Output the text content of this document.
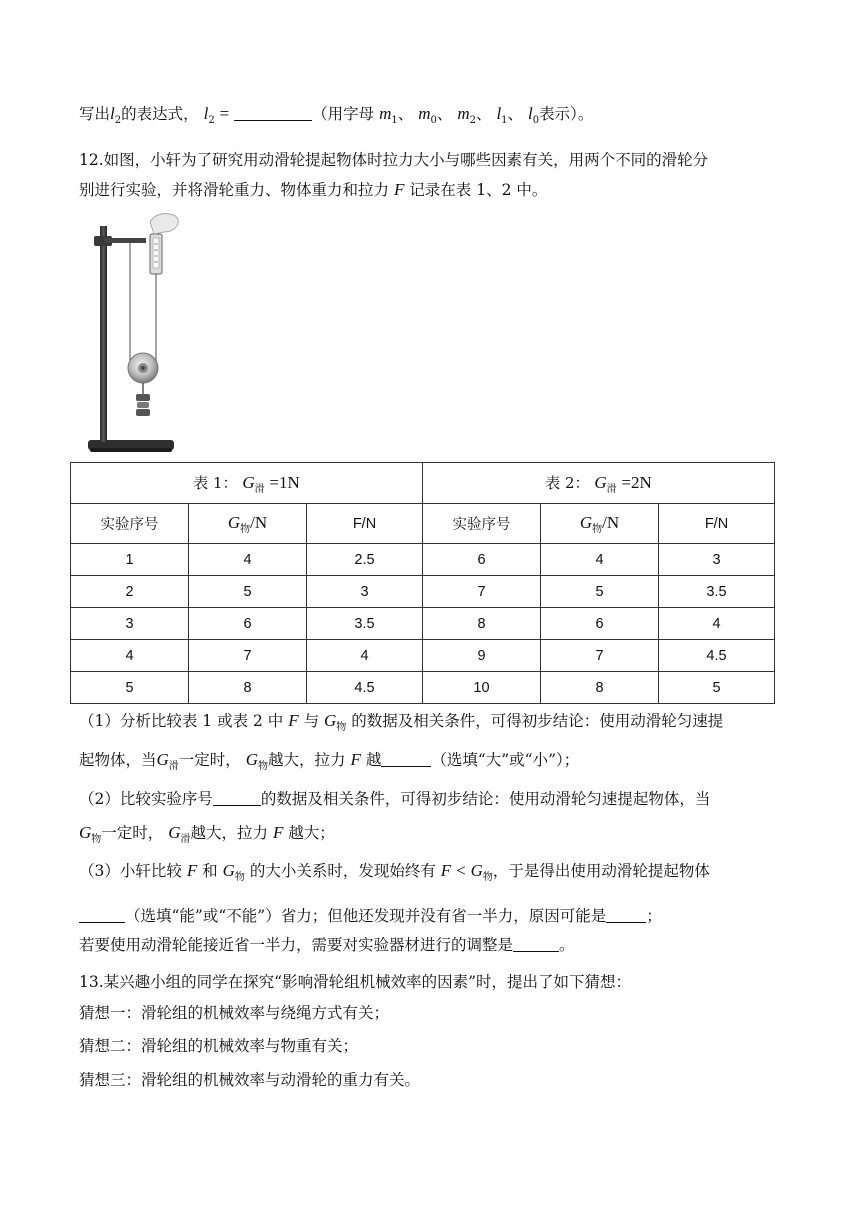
写出$l_2$的表达式， $l_2$ =	（用字母 $m_1$、 $m_0$、 $m_2$、 $l_1$、 $l_0$表示）。
12.如图，小轩为了研究用动滑轮提起物体时拉力大小与哪些因素有关，用两个不同的滑轮分
别进行实验，并将滑轮重力、物体重力和拉力 F 记录在表 1、2 中。
表 1： $G_滑 =1N$			表 2： $G_滑 =2N$		
实验序号	$G_物/N$	F/N	实验序号	$G_物/N$	F/N
1	4	2.5	6	4	3
2	5	3	7	5	3.5
3	6	3.5	8	6	4
4	7	4	9	7	4.5
5	8	4.5	10	8	5
（1）分析比较表 1 或表 2 中 F 与 $G_物$ 的数据及相关条件，可得初步结论：使用动滑轮匀速提
起物体，当$G_滑$一定时， $G_物$越大，拉力 F 越	（选填“大”或“小”）；
（2）比较实验序号	的数据及相关条件，可得初步结论：使用动滑轮匀速提起物体，当
$G_物$一定时， $G_滑$越大，拉力 F 越大；
（3）小轩比较 F 和 $G_物$ 的大小关系时，发现始终有 $F < G_物$，于是得出使用动滑轮提起物体
（选填“能”或“不能”）省力；但他还发现并没有省一半力，原因可能是	；
若要使用动滑轮能接近省一半力，需要对实验器材进行的调整是	。
13.某兴趣小组的同学在探究“影响滑轮组机械效率的因素”时，提出了如下猜想：
猜想一：滑轮组的机械效率与绕绳方式有关；
猜想二：滑轮组的机械效率与物重有关；
猜想三：滑轮组的机械效率与动滑轮的重力有关。
